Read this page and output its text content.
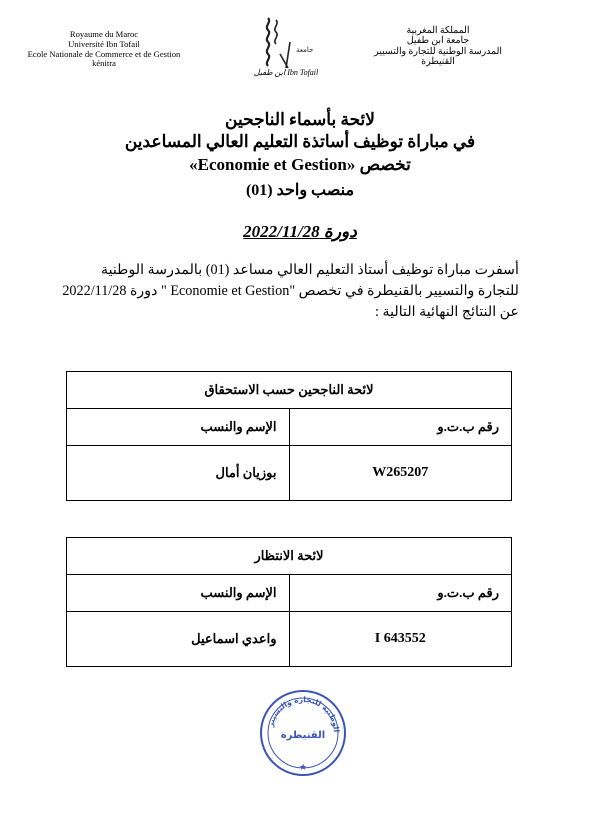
Royaume du Maroc
Université Ibn Tofail
Ecole Nationale de Commerce et de Gestion
kénitra
جامعة
ابن طفيل Ibn Tofail
المملكة المغربية
جامعة ابن طفيل
المدرسة الوطنية للتجارة والتسيير
القنيطرة
لائحة بأسماء الناجحين
في مباراة توظيف أساتذة التعليم العالي المساعدين
تخصص «Economie et Gestion»
منصب واحد (01)
دورة 2022/11/28
أسفرت مباراة توظيف أستاذ التعليم العالي مساعد (01) بالمدرسة الوطنية للتجارة والتسيير بالقنيطرة في تخصص "Economie et Gestion " دورة 2022/11/28 عن النتائج النهائية التالية :
لائحة الناجحين حسب الاستحقاق	
الإسم والنسب	رقم ب.ت.و
بوزيان أمال	W265207
لائحة الانتظار	
الإسم والنسب	رقم ب.ت.و
واعدي اسماعيل	I 643552
الوطنية للتجارة والتسيير
القنيطرة
★
